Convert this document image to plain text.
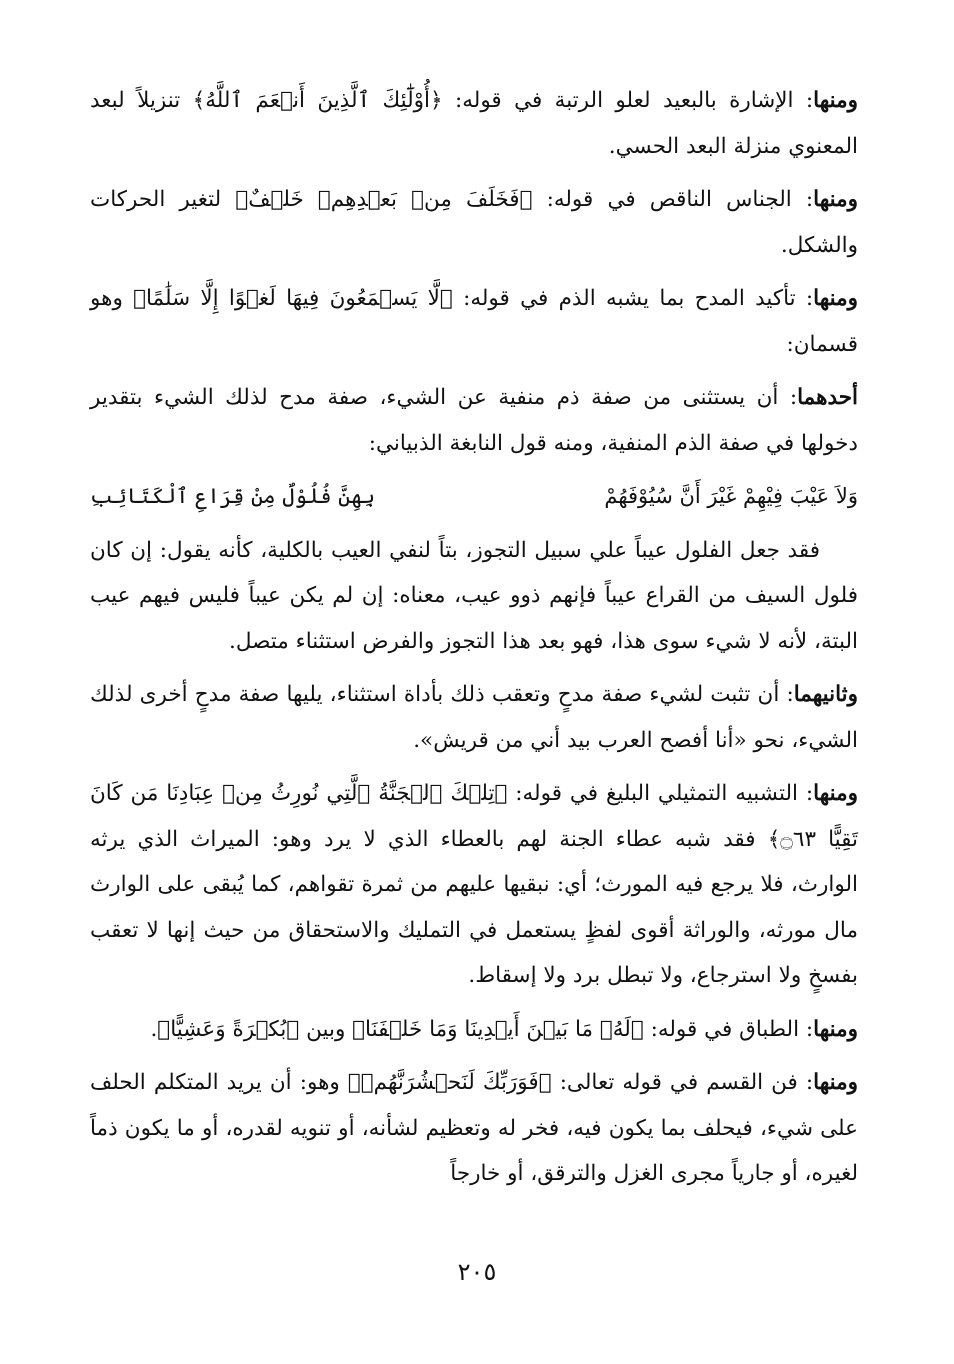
ومنها: الإشارة بالبعيد لعلو الرتبة في قوله: ﴿أُوْلَٰٓئِكَ ٱلَّذِينَ أَنۡعَمَ ٱللَّهُ﴾ تنزيلاً لبعد المعنوي منزلة البعد الحسي.

ومنها: الجناس الناقص في قوله: ﴿فَخَلَفَ مِنۢ بَعۡدِهِمۡ خَلۡفٌ﴾ لتغير الحركات والشكل.

ومنها: تأكيد المدح بما يشبه الذم في قوله: ﴿لَّا يَسۡمَعُونَ فِيهَا لَغۡوًا إِلَّا سَلَٰمًا﴾ وهو قسمان:

أحدهما: أن يستثنى من صفة ذم منفية عن الشيء، صفة مدح لذلك الشيء بتقدير دخولها في صفة الذم المنفية، ومنه قول النابغة الذبياني:

وَلاَ عَيْبَ فِيْهِمْ غَيْرَ أَنَّ سُيُوْفَهُمْ
بِهِنَّ فُلُوْلٌ مِنْ قِرَاعِ ٱلْكَتَائِبِ

فقد جعل الفلول عيباً علي سبيل التجوز، بتاً لنفي العيب بالكلية، كأنه يقول: إن كان فلول السيف من القراع عيباً فإنهم ذوو عيب، معناه: إن لم يكن عيباً فليس فيهم عيب البتة، لأنه لا شيء سوى هذا، فهو بعد هذا التجوز والفرض استثناء متصل.

وثانيهما: أن تثبت لشيء صفة مدحٍ وتعقب ذلك بأداة استثناء، يليها صفة مدحٍ أخرى لذلك الشيء، نحو «أنا أفصح العرب بيد أني من قريش».

ومنها: التشبيه التمثيلي البليغ في قوله: ﴿تِلۡكَ ٱلۡجَنَّةُ ٱلَّتِي نُورِثُ مِنۡ عِبَادِنَا مَن كَانَ تَقِيًّا ۝٦٣﴾ فقد شبه عطاء الجنة لهم بالعطاء الذي لا يرد وهو: الميراث الذي يرثه الوارث، فلا يرجع فيه المورث؛ أي: نبقيها عليهم من ثمرة تقواهم، كما يُبقى على الوارث مال مورثه، والوراثة أقوى لفظٍ يستعمل في التمليك والاستحقاق من حيث إنها لا تعقب بفسخٍ ولا استرجاع، ولا تبطل برد ولا إسقاط.

ومنها: الطباق في قوله: ﴿لَهُۥ مَا بَيۡنَ أَيۡدِينَا وَمَا خَلۡفَنَا﴾ وبين ﴿بُكۡرَةً وَعَشِيًّا﴾.

ومنها: فن القسم في قوله تعالى: ﴿فَوَرَبِّكَ لَنَحۡشُرَنَّهُمۡ﴾ وهو: أن يريد المتكلم الحلف على شيء، فيحلف بما يكون فيه، فخر له وتعظيم لشأنه، أو تنويه لقدره، أو ما يكون ذماً لغيره، أو جارياً مجرى الغزل والترقق، أو خارجاً

٢٠٥
